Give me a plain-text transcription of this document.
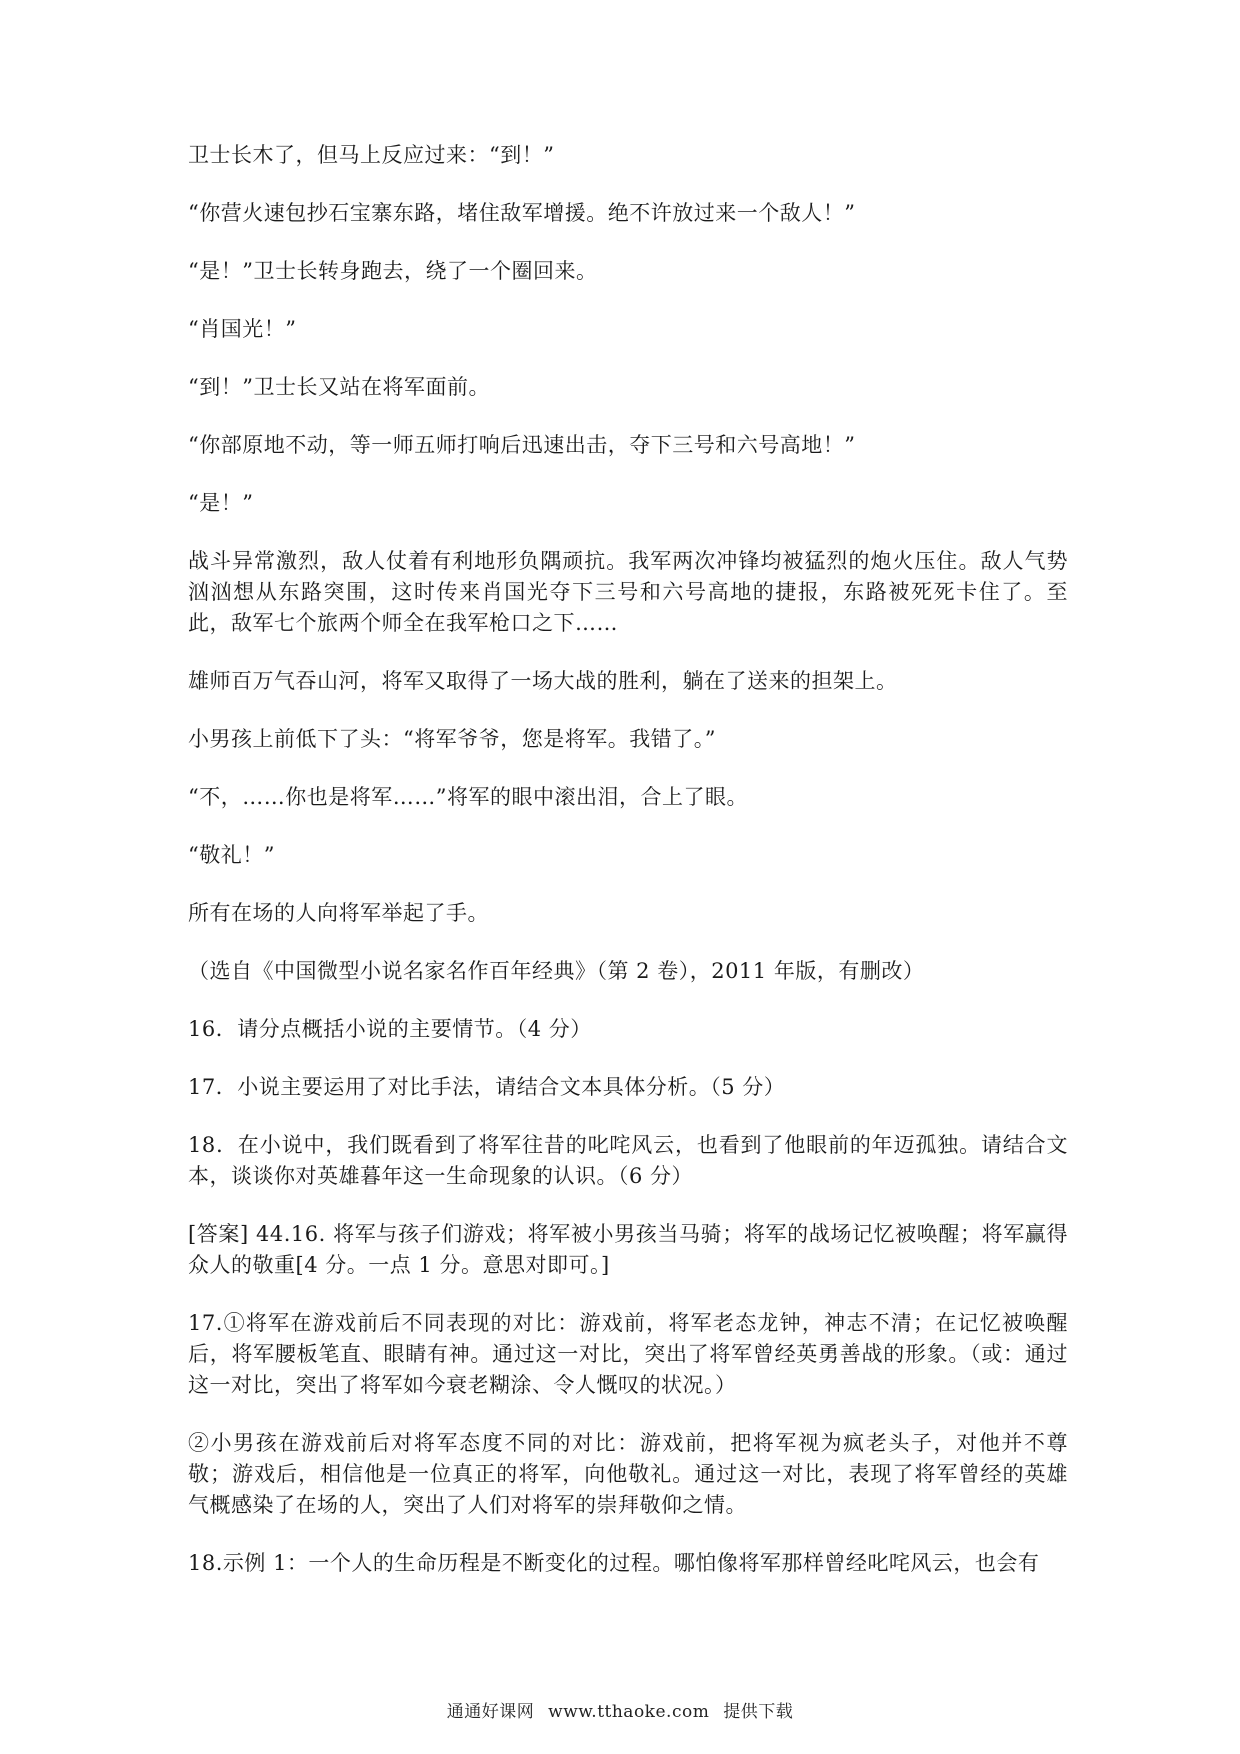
卫士长木了，但马上反应过来：“到！”

“你营火速包抄石宝寨东路，堵住敌军增援。绝不许放过来一个敌人！”

“是！”卫士长转身跑去，绕了一个圈回来。

“肖国光！”

“到！”卫士长又站在将军面前。

“你部原地不动，等一师五师打响后迅速出击，夺下三号和六号高地！”

“是！”

战斗异常激烈，敌人仗着有利地形负隅顽抗。我军两次冲锋均被猛烈的炮火压住。敌人气势汹汹想从东路突围，这时传来肖国光夺下三号和六号高地的捷报，东路被死死卡住了。至此，敌军七个旅两个师全在我军枪口之下……

雄师百万气吞山河，将军又取得了一场大战的胜利，躺在了送来的担架上。

小男孩上前低下了头：“将军爷爷，您是将军。我错了。”

“不，……你也是将军……”将军的眼中滚出泪，合上了眼。

“敬礼！”

所有在场的人向将军举起了手。

（选自《中国微型小说名家名作百年经典》（第 2 卷），2011 年版，有删改）

16．请分点概括小说的主要情节。（4 分）

17．小说主要运用了对比手法，请结合文本具体分析。（5 分）

18．在小说中，我们既看到了将军往昔的叱咤风云，也看到了他眼前的年迈孤独。请结合文本，谈谈你对英雄暮年这一生命现象的认识。（6 分）

[答案] 44.16. 将军与孩子们游戏；将军被小男孩当马骑；将军的战场记忆被唤醒；将军赢得众人的敬重[4 分。一点 1 分。意思对即可。]

17.①将军在游戏前后不同表现的对比：游戏前，将军老态龙钟，神志不清；在记忆被唤醒后，将军腰板笔直、眼睛有神。通过这一对比，突出了将军曾经英勇善战的形象。（或：通过这一对比，突出了将军如今衰老糊涂、令人慨叹的状况。）

②小男孩在游戏前后对将军态度不同的对比：游戏前，把将军视为疯老头子，对他并不尊敬；游戏后，相信他是一位真正的将军，向他敬礼。通过这一对比，表现了将军曾经的英雄气概感染了在场的人，突出了人们对将军的崇拜敬仰之情。

18.示例 1：一个人的生命历程是不断变化的过程。哪怕像将军那样曾经叱咤风云，也会有

通通好课网 www.tthaoke.com 提供下载
